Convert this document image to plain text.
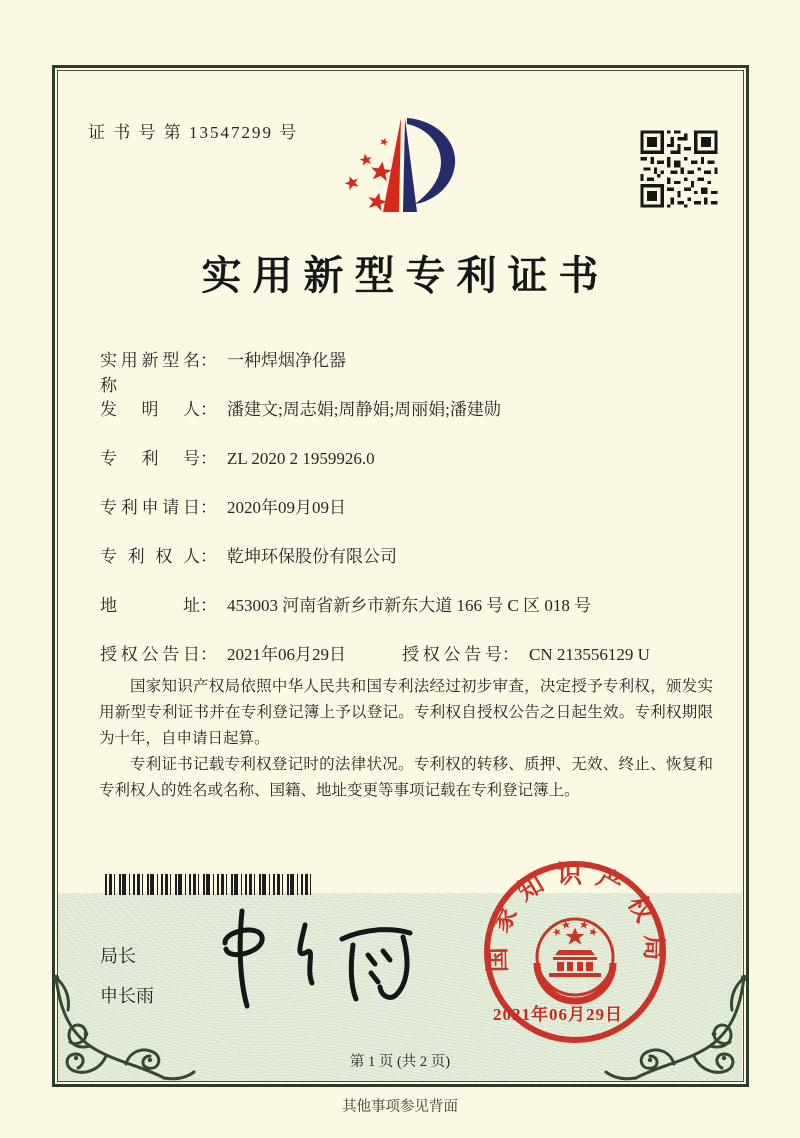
证 书 号 第 13547299 号
实用新型专利证书
实用新型名称
： 一种焊烟净化器
发明人 ： 潘建文;周志娟;周静娟;周丽娟;潘建勋
专利号 ： ZL 2020 2 1959926.0
专利申请日 ： 2020年09月09日
专利权人 ： 乾坤环保股份有限公司
地址 ： 453003 河南省新乡市新东大道 166 号 C 区 018 号
授权公告日 ： 2021年06月29日	授权公告号 ： CN 213556129 U

国家知识产权局依照中华人民共和国专利法经过初步审查，决定授予专利权，颁发实用新型专利证书并在专利登记簿上予以登记。专利权自授权公告之日起生效。专利权期限为十年，自申请日起算。

专利证书记载专利权登记时的法律状况。专利权的转移、质押、无效、终止、恢复和专利权人的姓名或名称、国籍、地址变更等事项记载在专利登记簿上。

局长
申长雨
国家知识产权局
2021年06月29日
第 1 页 (共 2 页)
其他事项参见背面
